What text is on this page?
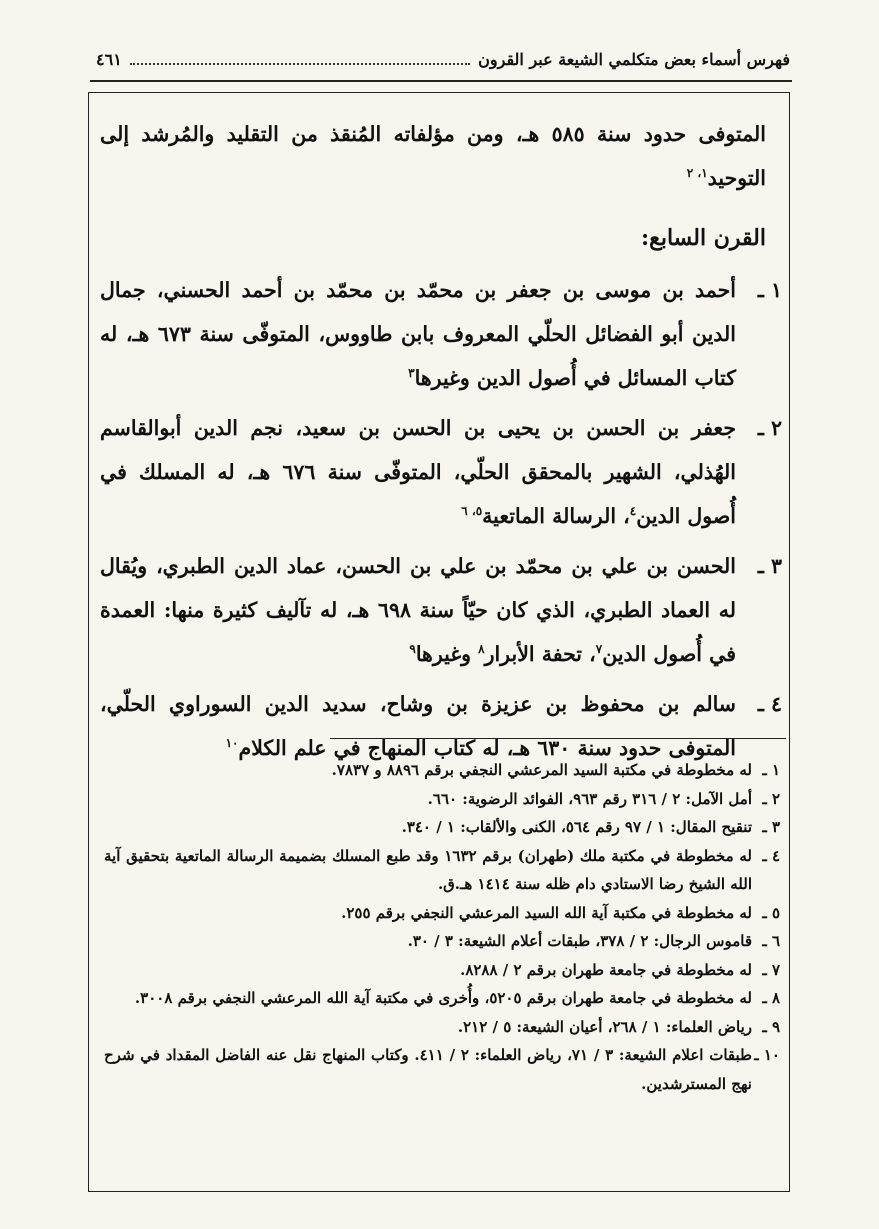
فهرس أسماء بعض متكلمي الشيعة عبر القرون
٤٦١

المتوفى حدود سنة ٥٨٥ هـ، ومن مؤلفاته المُنقذ من التقليد والمُرشد إلى التوحيد$^{١، ٢}$

القرن السابع:
١ ـ
أحمد بن موسى بن جعفر بن محمّد بن محمّد بن أحمد الحسني، جمال الدين أبو الفضائل الحلّي المعروف بابن طاووس، المتوفّى سنة ٦٧٣ هـ، له كتاب المسائل في أُصول الدين وغيرها$^٣$
٢ ـ
جعفر بن الحسن بن يحيى بن الحسن بن سعيد، نجم الدين أبوالقاسم الهُذلي، الشهير بالمحقق الحلّي، المتوفّى سنة ٦٧٦ هـ، له المسلك في أُصول الدين$^٤$، الرسالة الماتعية$^{٥، ٦}$
٣ ـ
الحسن بن علي بن محمّد بن علي بن الحسن، عماد الدين الطبري، ويُقال له العماد الطبري، الذي كان حيّاً سنة ٦٩٨ هـ، له تآليف كثيرة منها: العمدة في أُصول الدين$^٧$، تحفة الأبرار$^٨$ وغيرها$^٩$
٤ ـ
سالم بن محفوظ بن عزيزة بن وشاح، سديد الدين السوراوي الحلّي، المتوفى حدود سنة ٦٣٠ هـ، له كتاب المنهاج في علم الكلام$^{١٠}$
١ ـ
له مخطوطة في مكتبة السيد المرعشي النجفي برقم ٨٨٩٦ و ٧٨٣٧.
٢ ـ
أمل الآمل: ٢ / ٣١٦ رقم ٩٦٣، الفوائد الرضوية: ٦٦٠.
٣ ـ
تنقيح المقال: ١ / ٩٧ رقم ٥٦٤، الكنى والألقاب: ١ / ٣٤٠.
٤ ـ
له مخطوطة في مكتبة ملك (طهران) برقم ١٦٣٢ وقد طبع المسلك بضميمة الرسالة الماتعية بتحقيق آية الله الشيخ رضا الاستادي دام ظله سنة ١٤١٤ هـ.ق.
٥ ـ
له مخطوطة في مكتبة آية الله السيد المرعشي النجفي برقم ٢٥٥.
٦ ـ
قاموس الرجال: ٢ / ٣٧٨، طبقات أعلام الشيعة: ٣ / ٣٠.
٧ ـ
له مخطوطة في جامعة طهران برقم ٢ / ٨٢٨٨.
٨ ـ
له مخطوطة في جامعة طهران برقم ٥٢٠٥، وأُخرى في مكتبة آية الله المرعشي النجفي برقم ٣٠٠٨.
٩ ـ
رياض العلماء: ١ / ٢٦٨، أعيان الشيعة: ٥ / ٢١٢.
١٠ ـ
طبقات اعلام الشيعة: ٣ / ٧١، رياض العلماء: ٢ / ٤١١. وكتاب المنهاج نقل عنه الفاضل المقداد في شرح نهج المسترشدين.
